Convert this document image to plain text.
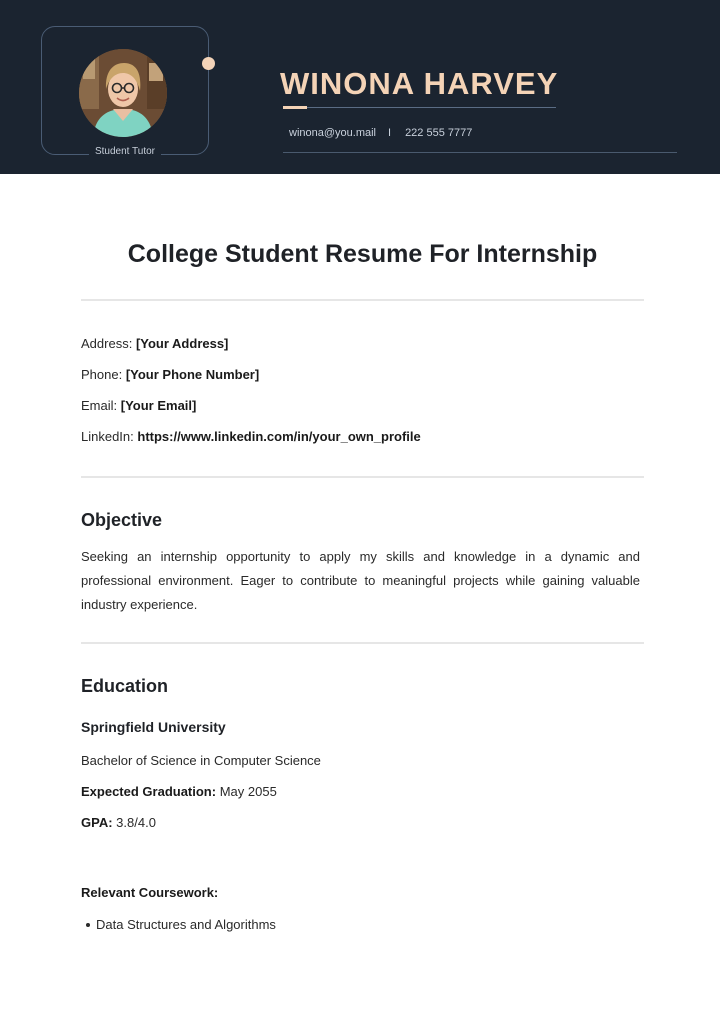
Student Tutor
WINONA HARVEY
winona@you.mail I 222 555 7777
College Student Resume For Internship
Address: [Your Address]
Phone: [Your Phone Number]
Email: [Your Email]
LinkedIn: https://www.linkedin.com/in/your_own_profile
Objective
Seeking an internship opportunity to apply my skills and knowledge in a dynamic and professional environment. Eager to contribute to meaningful projects while gaining valuable industry experience.
Education
Springfield University
Bachelor of Science in Computer Science
Expected Graduation: May 2055
GPA: 3.8/4.0
Relevant Coursework:
Data Structures and Algorithms
